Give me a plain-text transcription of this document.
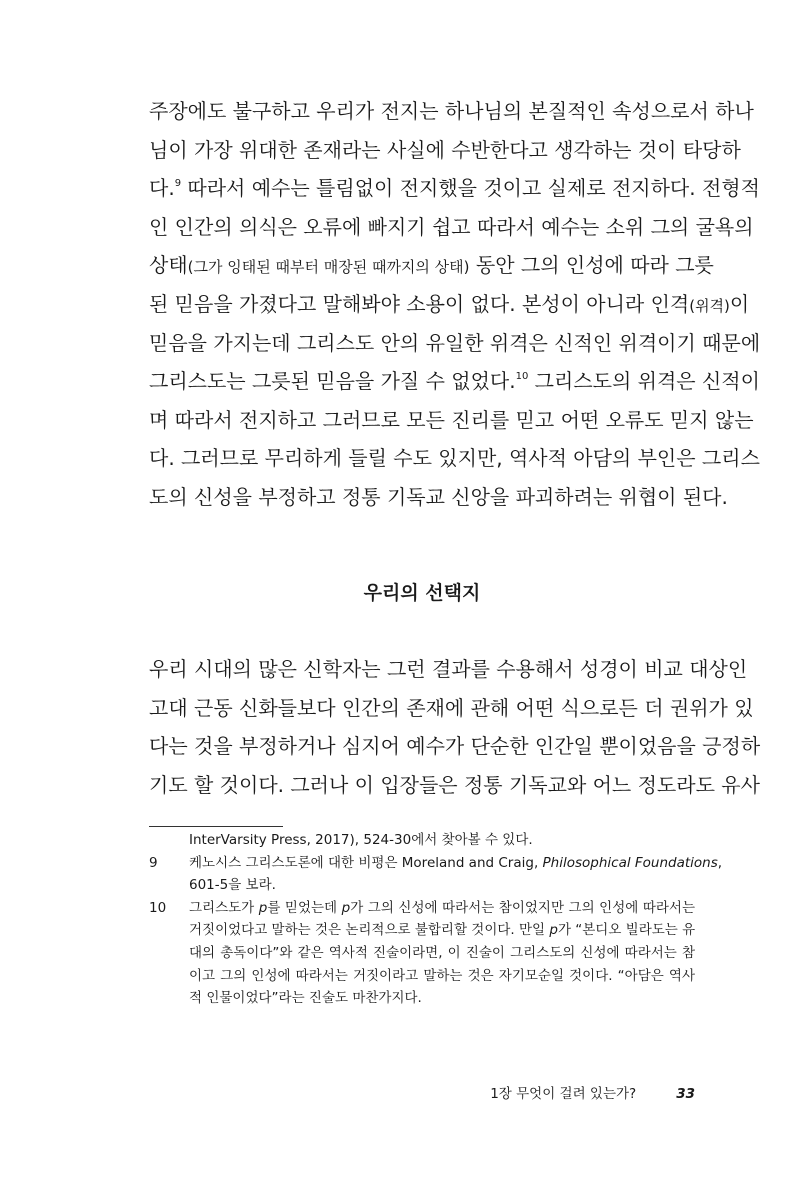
주장에도 불구하고 우리가 전지는 하나님의 본질적인 속성으로서 하나
님이 가장 위대한 존재라는 사실에 수반한다고 생각하는 것이 타당하
다.$^9$ 따라서 예수는 틀림없이 전지했을 것이고 실제로 전지하다. 전형적
인 인간의 의식은 오류에 빠지기 쉽고 따라서 예수는 소위 그의 굴욕의
상태(그가 잉태된 때부터 매장된 때까지의 상태) 동안 그의 인성에 따라 그릇
된 믿음을 가졌다고 말해봐야 소용이 없다. 본성이 아니라 인격(위격)이
믿음을 가지는데 그리스도 안의 유일한 위격은 신적인 위격이기 때문에
그리스도는 그릇된 믿음을 가질 수 없었다.$^{10}$ 그리스도의 위격은 신적이
며 따라서 전지하고 그러므로 모든 진리를 믿고 어떤 오류도 믿지 않는
다. 그러므로 무리하게 들릴 수도 있지만, 역사적 아담의 부인은 그리스
도의 신성을 부정하고 정통 기독교 신앙을 파괴하려는 위협이 된다.
우리의 선택지
우리 시대의 많은 신학자는 그런 결과를 수용해서 성경이 비교 대상인
고대 근동 신화들보다 인간의 존재에 관해 어떤 식으로든 더 권위가 있
다는 것을 부정하거나 심지어 예수가 단순한 인간일 뿐이었음을 긍정하
기도 할 것이다. 그러나 이 입장들은 정통 기독교와 어느 정도라도 유사
InterVarsity Press, 2017), 524-30에서 찾아볼 수 있다.
9 케노시스 그리스도론에 대한 비평은 Moreland and Craig, Philosophical Foundations,
601-5을 보라.
10 그리스도가 p를 믿었는데 p가 그의 신성에 따라서는 참이었지만 그의 인성에 따라서는
거짓이었다고 말하는 것은 논리적으로 불합리할 것이다. 만일 p가 “본디오 빌라도는 유
대의 총독이다”와 같은 역사적 진술이라면, 이 진술이 그리스도의 신성에 따라서는 참
이고 그의 인성에 따라서는 거짓이라고 말하는 것은 자기모순일 것이다. “아담은 역사
적 인물이었다”라는 진술도 마찬가지다.
1장 무엇이 걸려 있는가?	33
